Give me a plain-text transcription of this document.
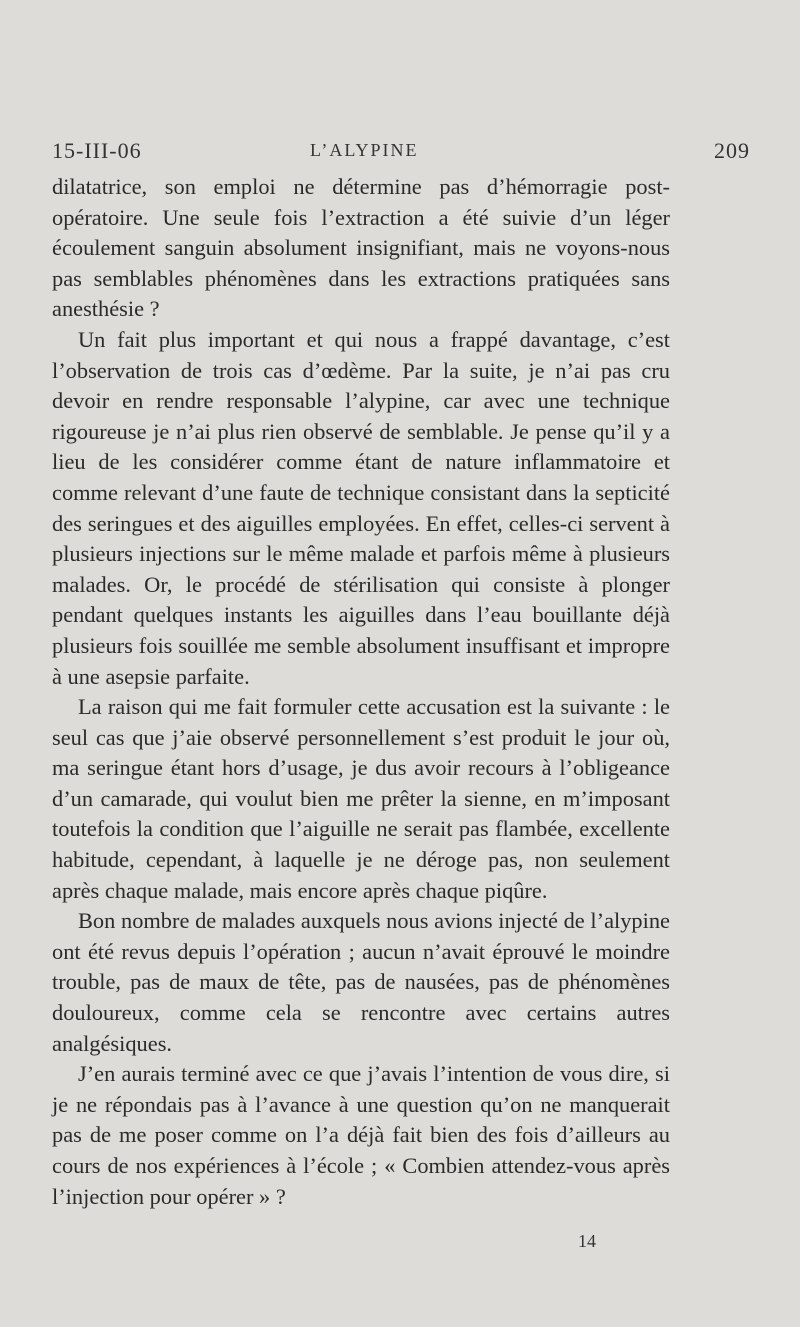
15-III-06	L’ALYPINE	209

dilatatrice, son emploi ne détermine pas d’hémorragie post-opératoire. Une seule fois l’extraction a été suivie d’un léger écoulement sanguin absolument insignifiant, mais ne voyons-nous pas semblables phénomènes dans les extractions pratiquées sans anesthésie ?

Un fait plus important et qui nous a frappé davantage, c’est l’observation de trois cas d’œdème. Par la suite, je n’ai pas cru devoir en rendre responsable l’alypine, car avec une technique rigoureuse je n’ai plus rien observé de semblable. Je pense qu’il y a lieu de les considérer comme étant de nature inflammatoire et comme relevant d’une faute de technique consistant dans la septicité des seringues et des aiguilles employées. En effet, celles-ci servent à plusieurs injections sur le même malade et parfois même à plusieurs malades. Or, le procédé de stérilisation qui consiste à plonger pendant quelques instants les aiguilles dans l’eau bouillante déjà plusieurs fois souillée me semble absolument insuffisant et impropre à une asepsie parfaite.

La raison qui me fait formuler cette accusation est la suivante : le seul cas que j’aie observé personnellement s’est produit le jour où, ma seringue étant hors d’usage, je dus avoir recours à l’obligeance d’un camarade, qui voulut bien me prêter la sienne, en m’imposant toutefois la condition que l’aiguille ne serait pas flambée, excellente habitude, cependant, à laquelle je ne déroge pas, non seulement après chaque malade, mais encore après chaque piqûre.

Bon nombre de malades auxquels nous avions injecté de l’alypine ont été revus depuis l’opération ; aucun n’avait éprouvé le moindre trouble, pas de maux de tête, pas de nausées, pas de phénomènes douloureux, comme cela se rencontre avec certains autres analgésiques.

J’en aurais terminé avec ce que j’avais l’intention de vous dire, si je ne répondais pas à l’avance à une question qu’on ne manquerait pas de me poser comme on l’a déjà fait bien des fois d’ailleurs au cours de nos expériences à l’école ; « Combien attendez-vous après l’injection pour opérer » ?

14
